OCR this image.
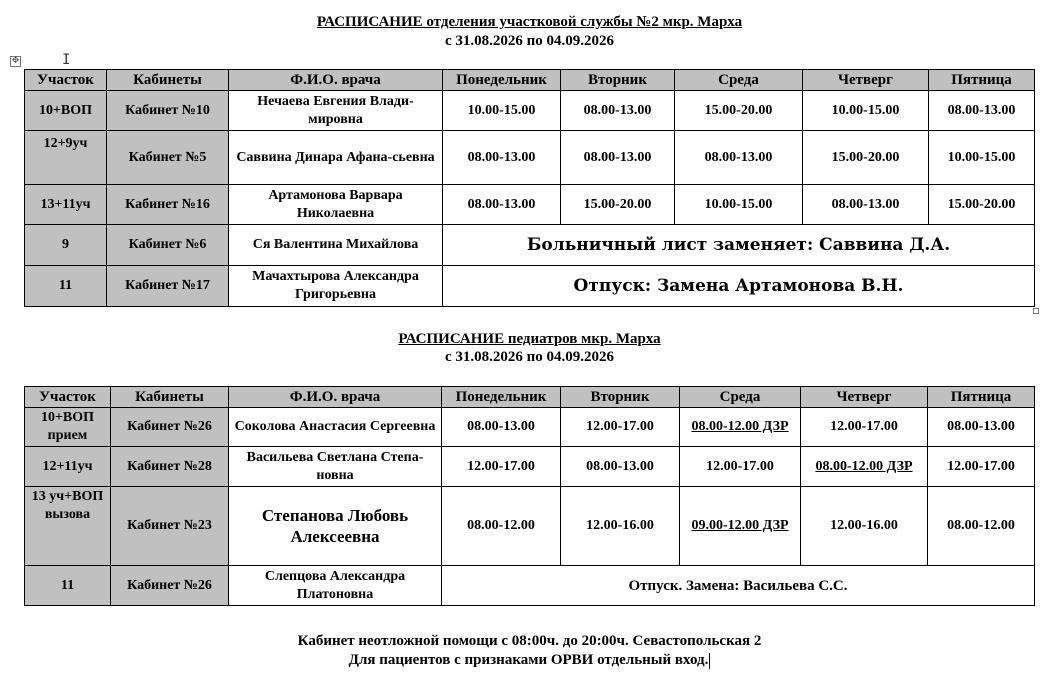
РАСПИСАНИЕ отделения участковой службы №2 мкр. Марха
с 31.08.2026 по 04.09.2026
✥	I
Участок	Кабинеты	Ф.И.О. врача	Понедельник	Вторник	Среда	Четверг	Пятница
10+ВОП	Кабинет №10	Нечаева Евгения Влади-мировна	10.00-15.00	08.00-13.00	15.00-20.00	10.00-15.00	08.00-13.00
12+9уч	Кабинет №5	Саввина Динара Афана-сьевна	08.00-13.00	08.00-13.00	08.00-13.00	15.00-20.00	10.00-15.00
13+11уч	Кабинет №16	Артамонова Варвара Николаевна	08.00-13.00	15.00-20.00	10.00-15.00	08.00-13.00	15.00-20.00
9	Кабинет №6	Ся Валентина Михайлова	Больничный лист заменяет: Саввина Д.А.				
11	Кабинет №17	Мачахтырова Александра Григорьевна	Отпуск: Замена Артамонова В.Н.				
РАСПИСАНИЕ педиатров мкр. Марха
с 31.08.2026 по 04.09.2026
Участок	Кабинеты	Ф.И.О. врача	Понедельник	Вторник	Среда	Четверг	Пятница
10+ВОП прием	Кабинет №26	Соколова Анастасия Сергеевна	08.00-13.00	12.00-17.00	08.00-12.00 ДЗР	12.00-17.00	08.00-13.00
12+11уч	Кабинет №28	Васильева Светлана Степа-новна	12.00-17.00	08.00-13.00	12.00-17.00	08.00-12.00 ДЗР	12.00-17.00
13 уч+ВОП вызова	Кабинет №23	Степанова Любовь Алексеевна	08.00-12.00	12.00-16.00	09.00-12.00 ДЗР	12.00-16.00	08.00-12.00
11	Кабинет №26	Слепцова Александра Платоновна	Отпуск. Замена: Васильева С.С.				
Кабинет неотложной помощи с 08:00ч. до 20:00ч. Севастопольская 2
Для пациентов с признаками ОРВИ отдельный вход.
